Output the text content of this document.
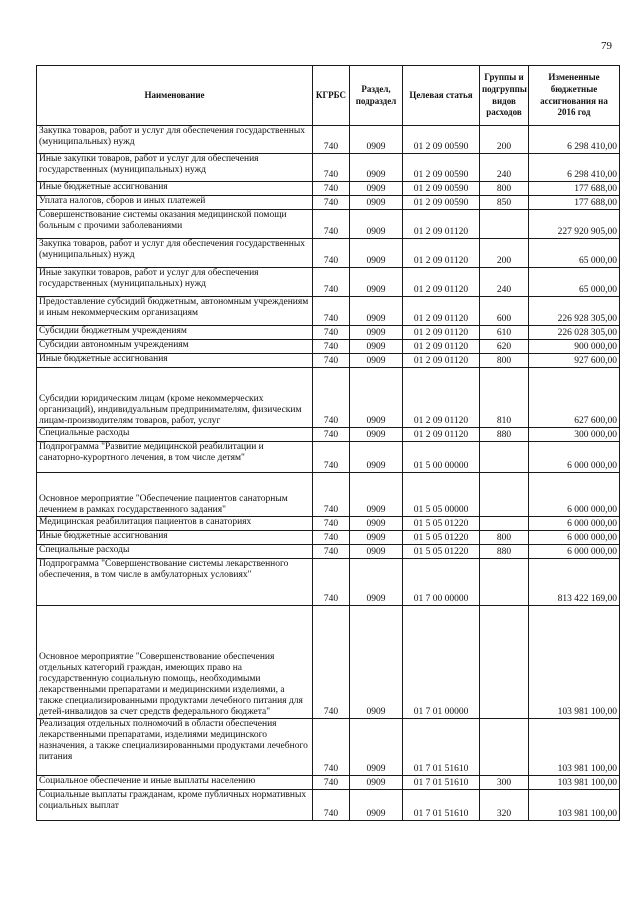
79
Наименование	КГРБС	Раздел, подраздел	Целевая статья	Группы и подгруппы видов расходов	Измененные бюджетные ассигнования на 2016 год
Закупка товаров, работ и услуг для обеспечения государственных (муниципальных) нужд	740	0909	01 2 09 00590	200	6 298 410,00
Иные закупки товаров, работ и услуг для обеспечения государственных (муниципальных) нужд	740	0909	01 2 09 00590	240	6 298 410,00
Иные бюджетные ассигнования	740	0909	01 2 09 00590	800	177 688,00
Уплата налогов, сборов и иных платежей	740	0909	01 2 09 00590	850	177 688,00
Совершенствование системы оказания медицинской помощи больным с прочими заболеваниями	740	0909	01 2 09 01120		227 920 905,00
Закупка товаров, работ и услуг для обеспечения государственных (муниципальных) нужд	740	0909	01 2 09 01120	200	65 000,00
Иные закупки товаров, работ и услуг для обеспечения государственных (муниципальных) нужд	740	0909	01 2 09 01120	240	65 000,00
Предоставление субсидий бюджетным, автономным учреждениям и иным некоммерческим организациям	740	0909	01 2 09 01120	600	226 928 305,00
Субсидии бюджетным учреждениям	740	0909	01 2 09 01120	610	226 028 305,00
Субсидии автономным учреждениям	740	0909	01 2 09 01120	620	900 000,00
Иные бюджетные ассигнования	740	0909	01 2 09 01120	800	927 600,00
Субсидии юридическим лицам (кроме некоммерческих организаций), индивидуальным предпринимателям, физическим лицам-производителям товаров, работ, услуг	740	0909	01 2 09 01120	810	627 600,00
Специальные расходы	740	0909	01 2 09 01120	880	300 000,00
Подпрограмма "Развитие медицинской реабилитации и санаторно-курортного лечения, в том числе детям"	740	0909	01 5 00 00000		6 000 000,00
Основное мероприятие "Обеспечение пациентов санаторным лечением в рамках государственного задания"	740	0909	01 5 05 00000		6 000 000,00
Медицинская реабилитация пациентов в санаториях	740	0909	01 5 05 01220		6 000 000,00
Иные бюджетные ассигнования	740	0909	01 5 05 01220	800	6 000 000,00
Специальные расходы	740	0909	01 5 05 01220	880	6 000 000,00
Подпрограмма "Совершенствование системы лекарственного обеспечения, в том числе в амбулаторных условиях"	740	0909	01 7 00 00000		813 422 169,00
Основное мероприятие "Совершенствование обеспечения отдельных категорий граждан, имеющих право на государственную социальную помощь, необходимыми лекарственными препаратами и медицинскими изделиями, а также специализированными продуктами лечебного питания для детей-инвалидов за счет средств федерального бюджета"	740	0909	01 7 01 00000		103 981 100,00
Реализация отдельных полномочий в области обеспечения лекарственными препаратами, изделиями медицинского назначения, а также специализированными продуктами лечебного питания	740	0909	01 7 01 51610		103 981 100,00
Социальное обеспечение и иные выплаты населению	740	0909	01 7 01 51610	300	103 981 100,00
Социальные выплаты гражданам, кроме публичных нормативных социальных выплат	740	0909	01 7 01 51610	320	103 981 100,00
